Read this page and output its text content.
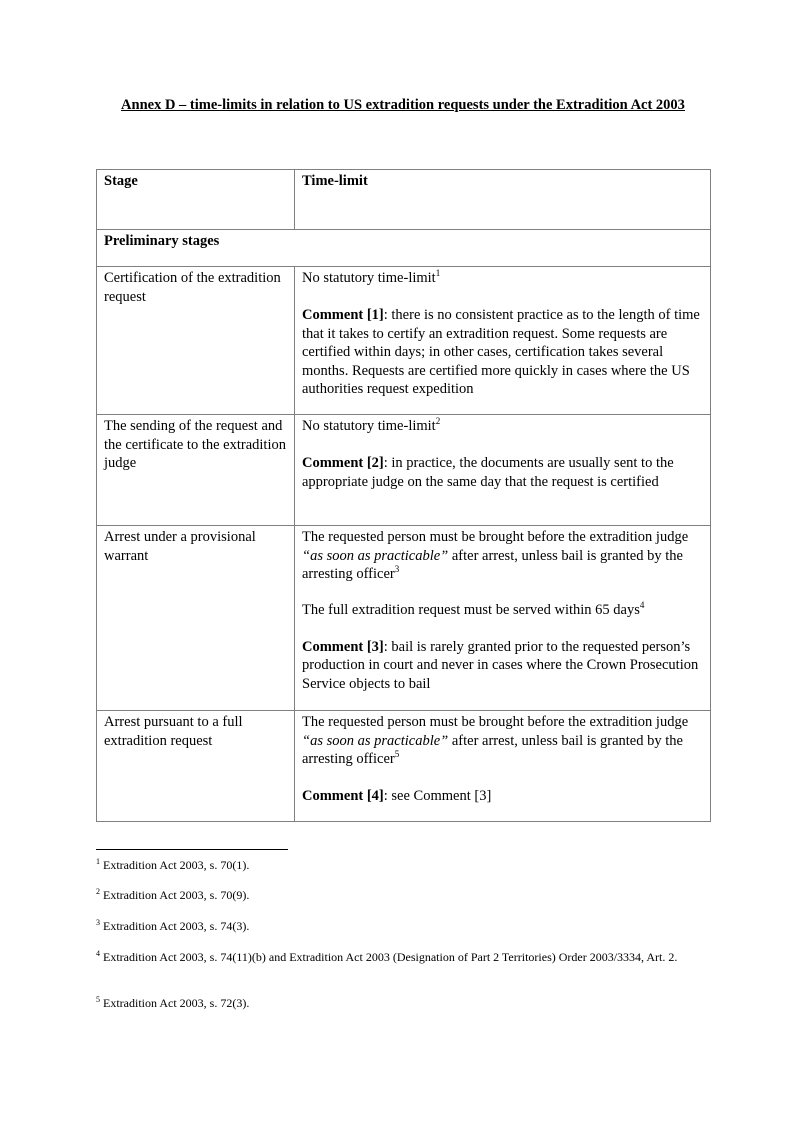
Annex D – time-limits in relation to US extradition requests under the Extradition Act 2003
Stage	Time-limit
Preliminary stages	
Certification of the extradition request	No statutory time-limit$^1$

Comment [1]: there is no consistent practice as to the length of time that it takes to certify an extradition request. Some requests are certified within days; in other cases, certification takes several months. Requests are certified more quickly in cases where the US authorities request expedition

The sending of the request and the certificate to the extradition judge	No statutory time-limit$^2$

Comment [2]: in practice, the documents are usually sent to the appropriate judge on the same day that the request is certified

Arrest under a provisional warrant	The requested person must be brought before the extradition judge “as soon as practicable” after arrest, unless bail is granted by the arresting officer$^3$

The full extradition request must be served within 65 days$^4$

Comment [3]: bail is rarely granted prior to the requested person’s production in court and never in cases where the Crown Prosecution Service objects to bail

Arrest pursuant to a full extradition request	The requested person must be brought before the extradition judge “as soon as practicable” after arrest, unless bail is granted by the arresting officer$^5$

Comment [4]: see Comment [3]

$^1$ Extradition Act 2003, s. 70(1).
$^2$ Extradition Act 2003, s. 70(9).
$^3$ Extradition Act 2003, s. 74(3).
$^4$ Extradition Act 2003, s. 74(11)(b) and Extradition Act 2003 (Designation of Part 2 Territories) Order 2003/3334, Art. 2.
$^5$ Extradition Act 2003, s. 72(3).
